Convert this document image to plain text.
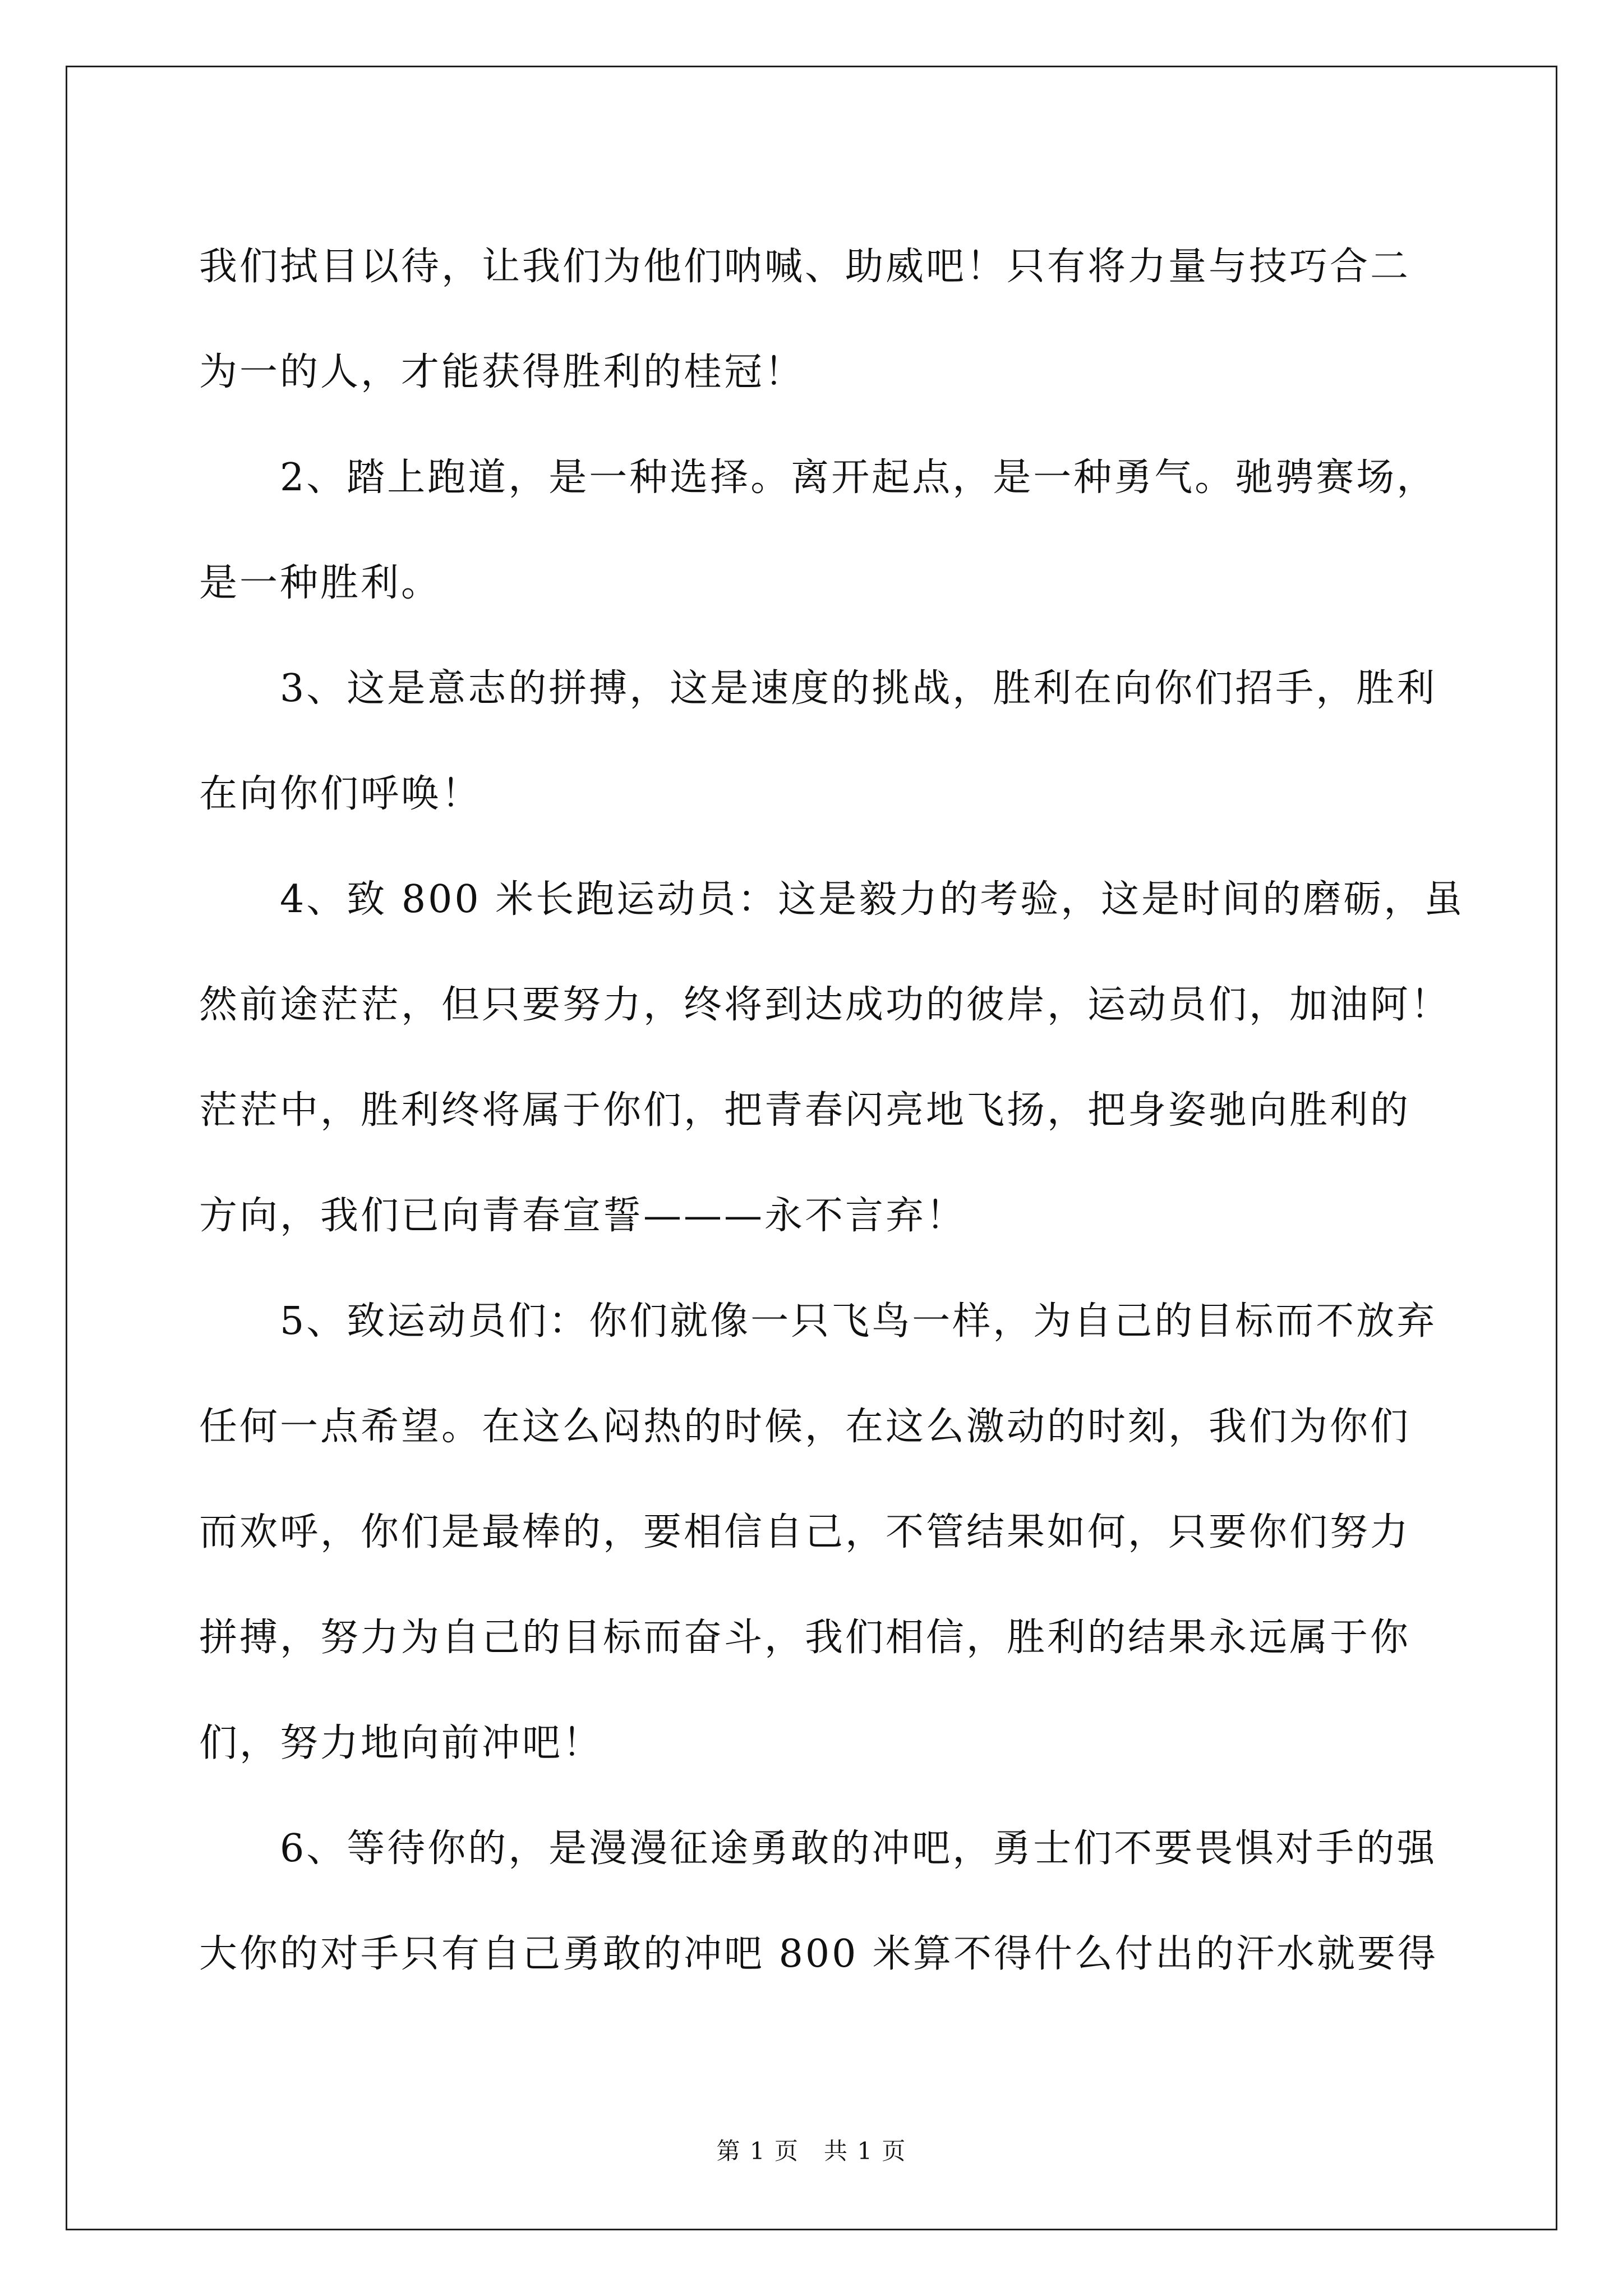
我们拭目以待，让我们为他们呐喊、助威吧！只有将力量与技巧合二
为一的人，才能获得胜利的桂冠！
　　2、踏上跑道，是一种选择。离开起点，是一种勇气。驰骋赛场，
是一种胜利。
　　3、这是意志的拼搏，这是速度的挑战，胜利在向你们招手，胜利
在向你们呼唤！
　　4、致 800 米长跑运动员：这是毅力的考验，这是时间的磨砺，虽
然前途茫茫，但只要努力，终将到达成功的彼岸，运动员们，加油阿！
茫茫中，胜利终将属于你们，把青春闪亮地飞扬，把身姿驰向胜利的
方向，我们已向青春宣誓———永不言弃！
　　5、致运动员们：你们就像一只飞鸟一样，为自己的目标而不放弃
任何一点希望。在这么闷热的时候，在这么激动的时刻，我们为你们
而欢呼，你们是最棒的，要相信自己，不管结果如何，只要你们努力
拼搏，努力为自己的目标而奋斗，我们相信，胜利的结果永远属于你
们，努力地向前冲吧！
　　6、等待你的，是漫漫征途勇敢的冲吧，勇士们不要畏惧对手的强
大你的对手只有自己勇敢的冲吧 800 米算不得什么付出的汗水就要得
第 1 页　共 1 页
